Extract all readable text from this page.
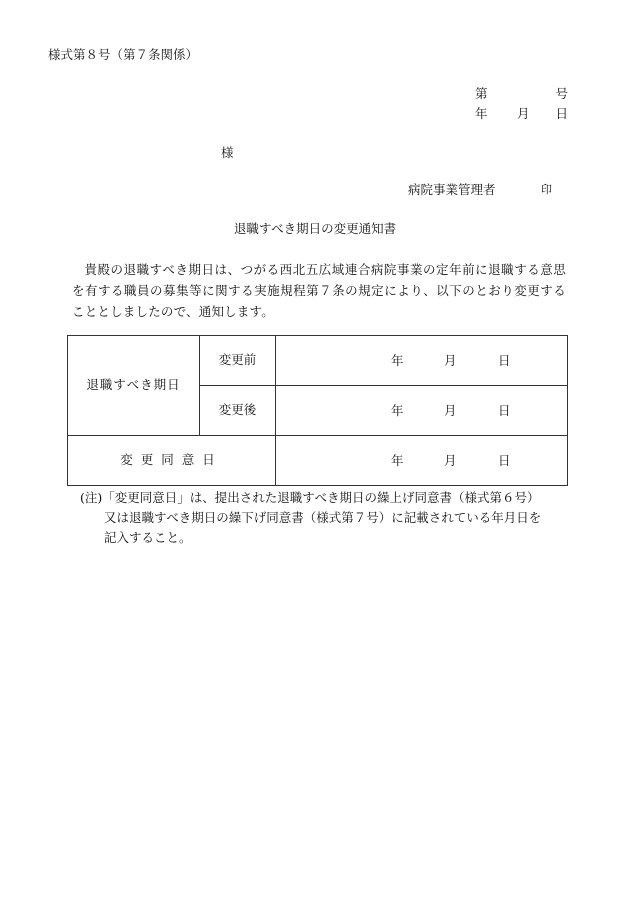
様式第８号（第７条関係）
第	号
年 月 日
様
病院事業管理者	印
退職すべき期日の変更通知書
貴殿の退職すべき期日は、つがる西北五広域連合病院事業の定年前に退職する意思を有する職員の募集等に関する実施規程第７条の規定により、以下のとおり変更することとしましたので、通知します。
退職すべき期日	変更前	年 月 日

	変更後	年 月 日

変更同意日		年 月 日
(注)「変更同意日」は、提出された退職すべき期日の繰上げ同意書（様式第６号）
又は退職すべき期日の繰下げ同意書（様式第７号）に記載されている年月日を
記入すること。
